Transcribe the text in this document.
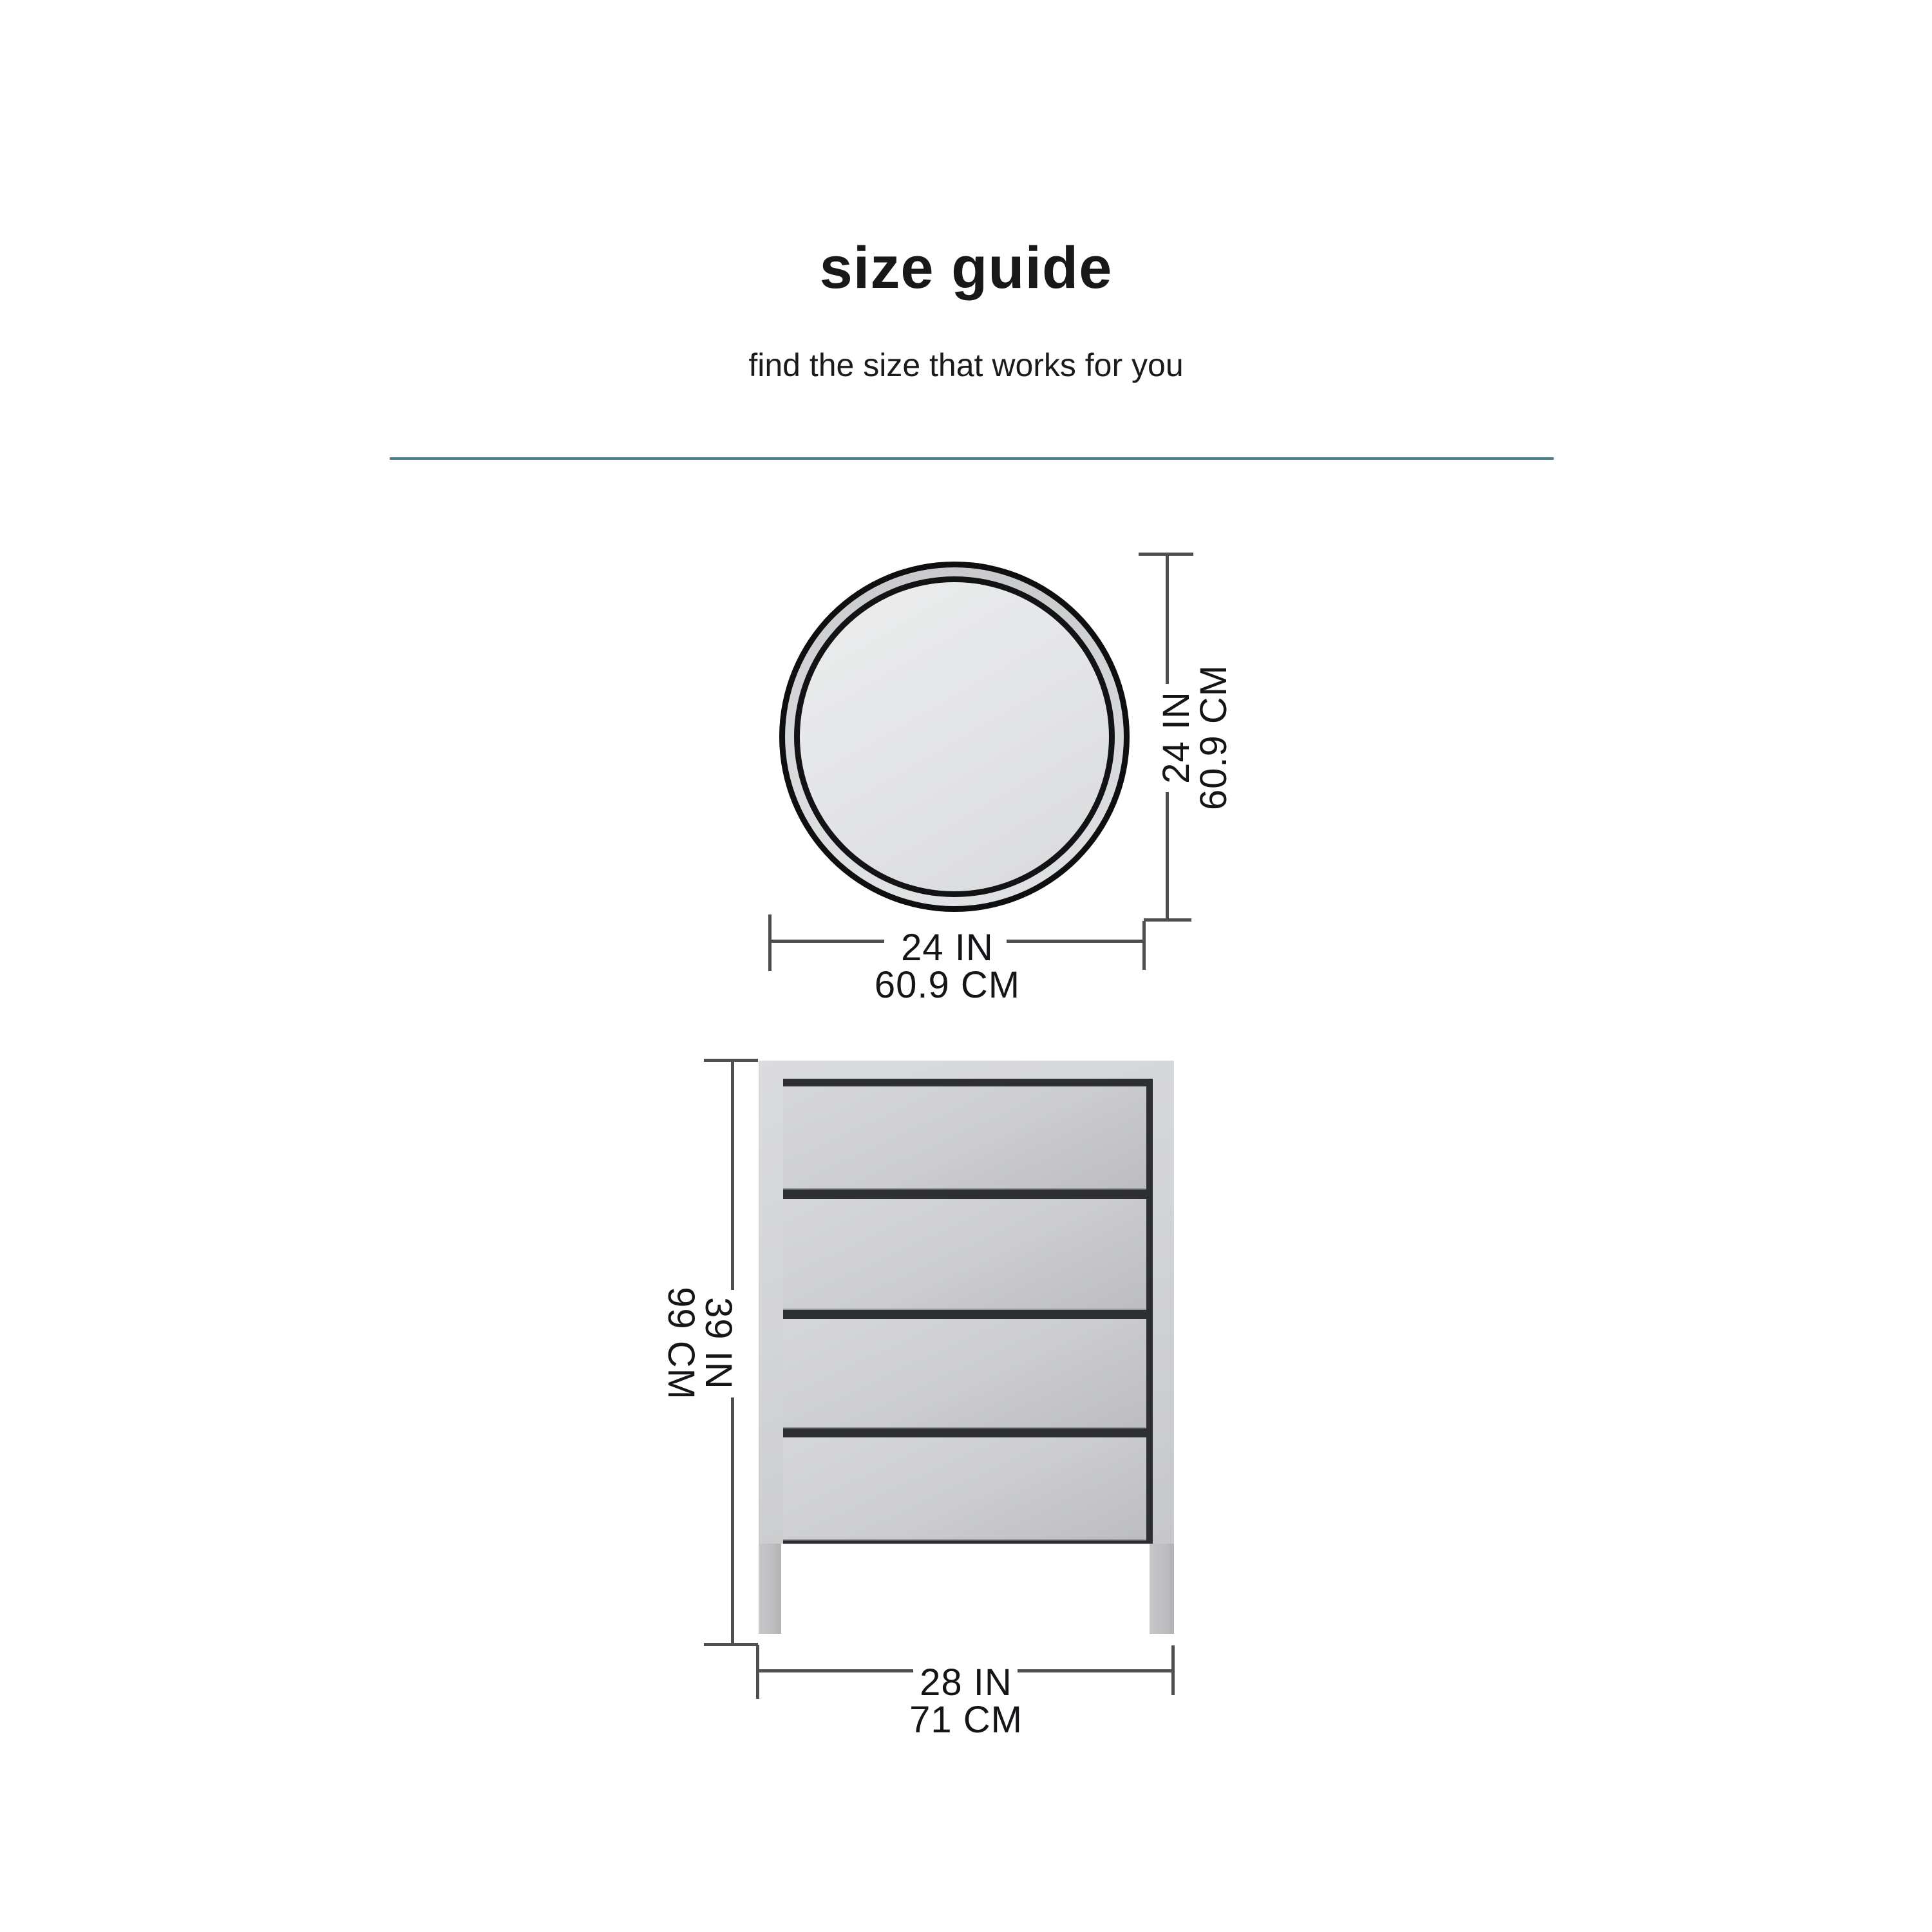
size guide
find the size that works for you
24 IN
60.9 CM
24 IN
60.9 CM
39 IN
99 CM
28 IN
71 CM
